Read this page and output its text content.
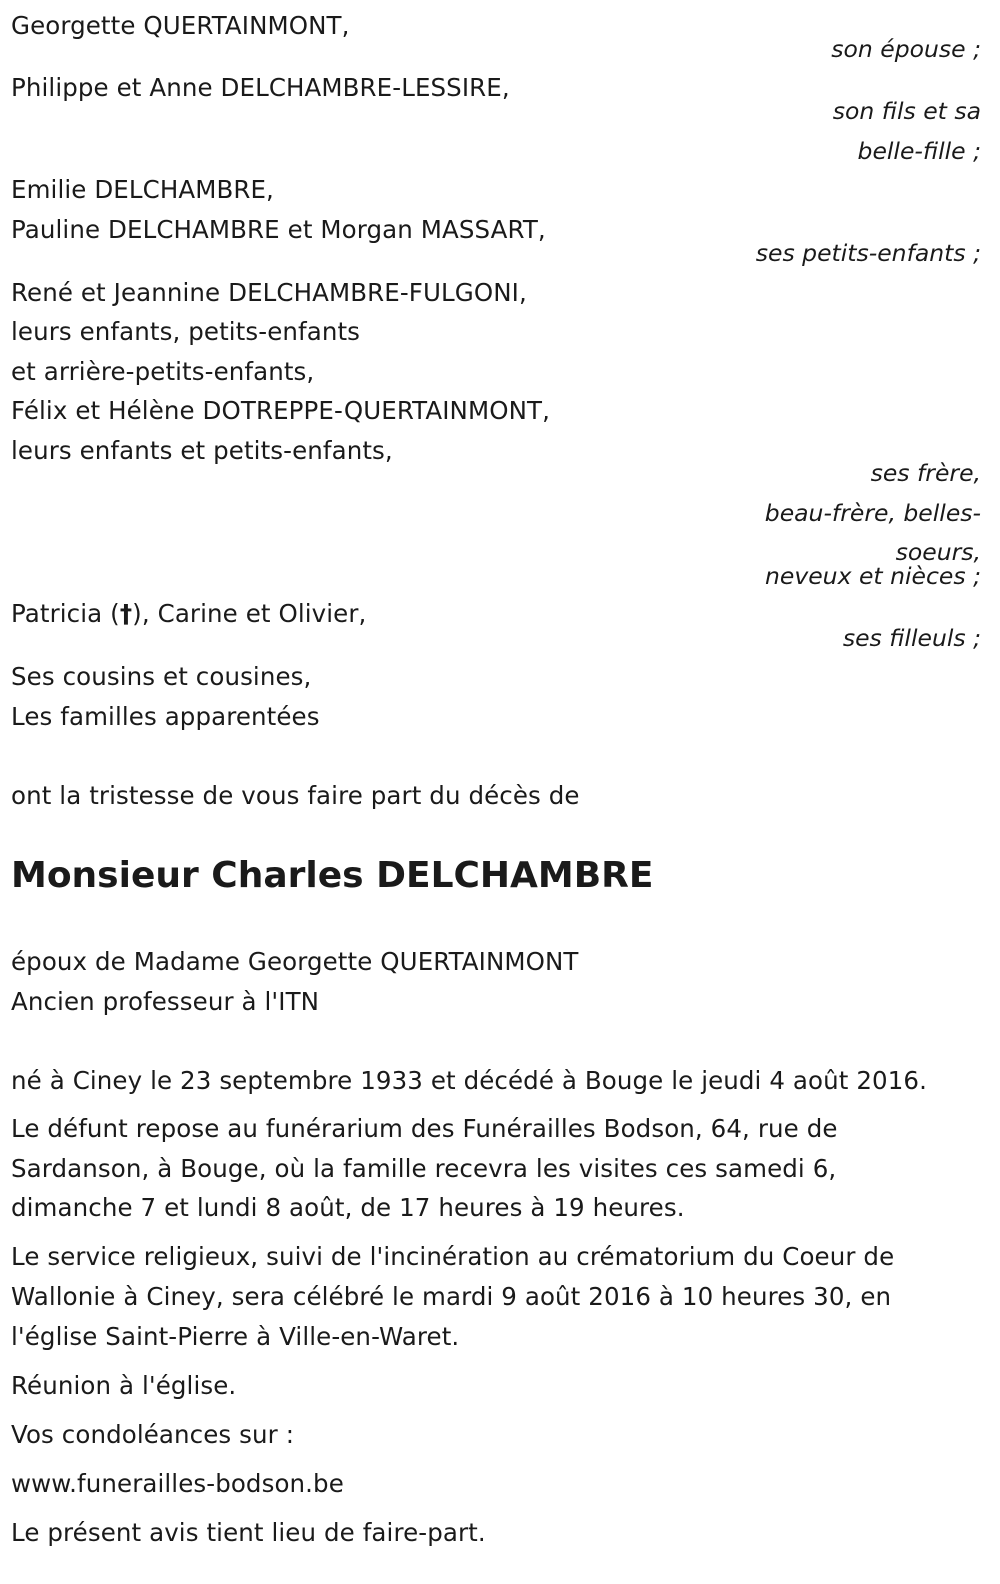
Georgette QUERTAINMONT,
son épouse ;
Philippe et Anne DELCHAMBRE-LESSIRE,
son fils et sa
belle-fille ;
Emilie DELCHAMBRE,
Pauline DELCHAMBRE et Morgan MASSART,
ses petits-enfants ;
René et Jeannine DELCHAMBRE-FULGONI,
leurs enfants, petits-enfants
et arrière-petits-enfants,
Félix et Hélène DOTREPPE-QUERTAINMONT,
leurs enfants et petits-enfants,
ses frère,
beau-frère, belles-
soeurs,
neveux et nièces ;
Patricia (†), Carine et Olivier,
ses filleuls ;
Ses cousins et cousines,
Les familles apparentées
ont la tristesse de vous faire part du décès de
Monsieur Charles DELCHAMBRE
époux de Madame Georgette QUERTAINMONT
Ancien professeur à l'ITN
né à Ciney le 23 septembre 1933 et décédé à Bouge le jeudi 4 août 2016.
Le défunt repose au funérarium des Funérailles Bodson, 64, rue de
Sardanson, à Bouge, où la famille recevra les visites ces samedi 6,
dimanche 7 et lundi 8 août, de 17 heures à 19 heures.
Le service religieux, suivi de l'incinération au crématorium du Coeur de
Wallonie à Ciney, sera célébré le mardi 9 août 2016 à 10 heures 30, en
l'église Saint-Pierre à Ville-en-Waret.
Réunion à l'église.
Vos condoléances sur :
www.funerailles-bodson.be
Le présent avis tient lieu de faire-part.
